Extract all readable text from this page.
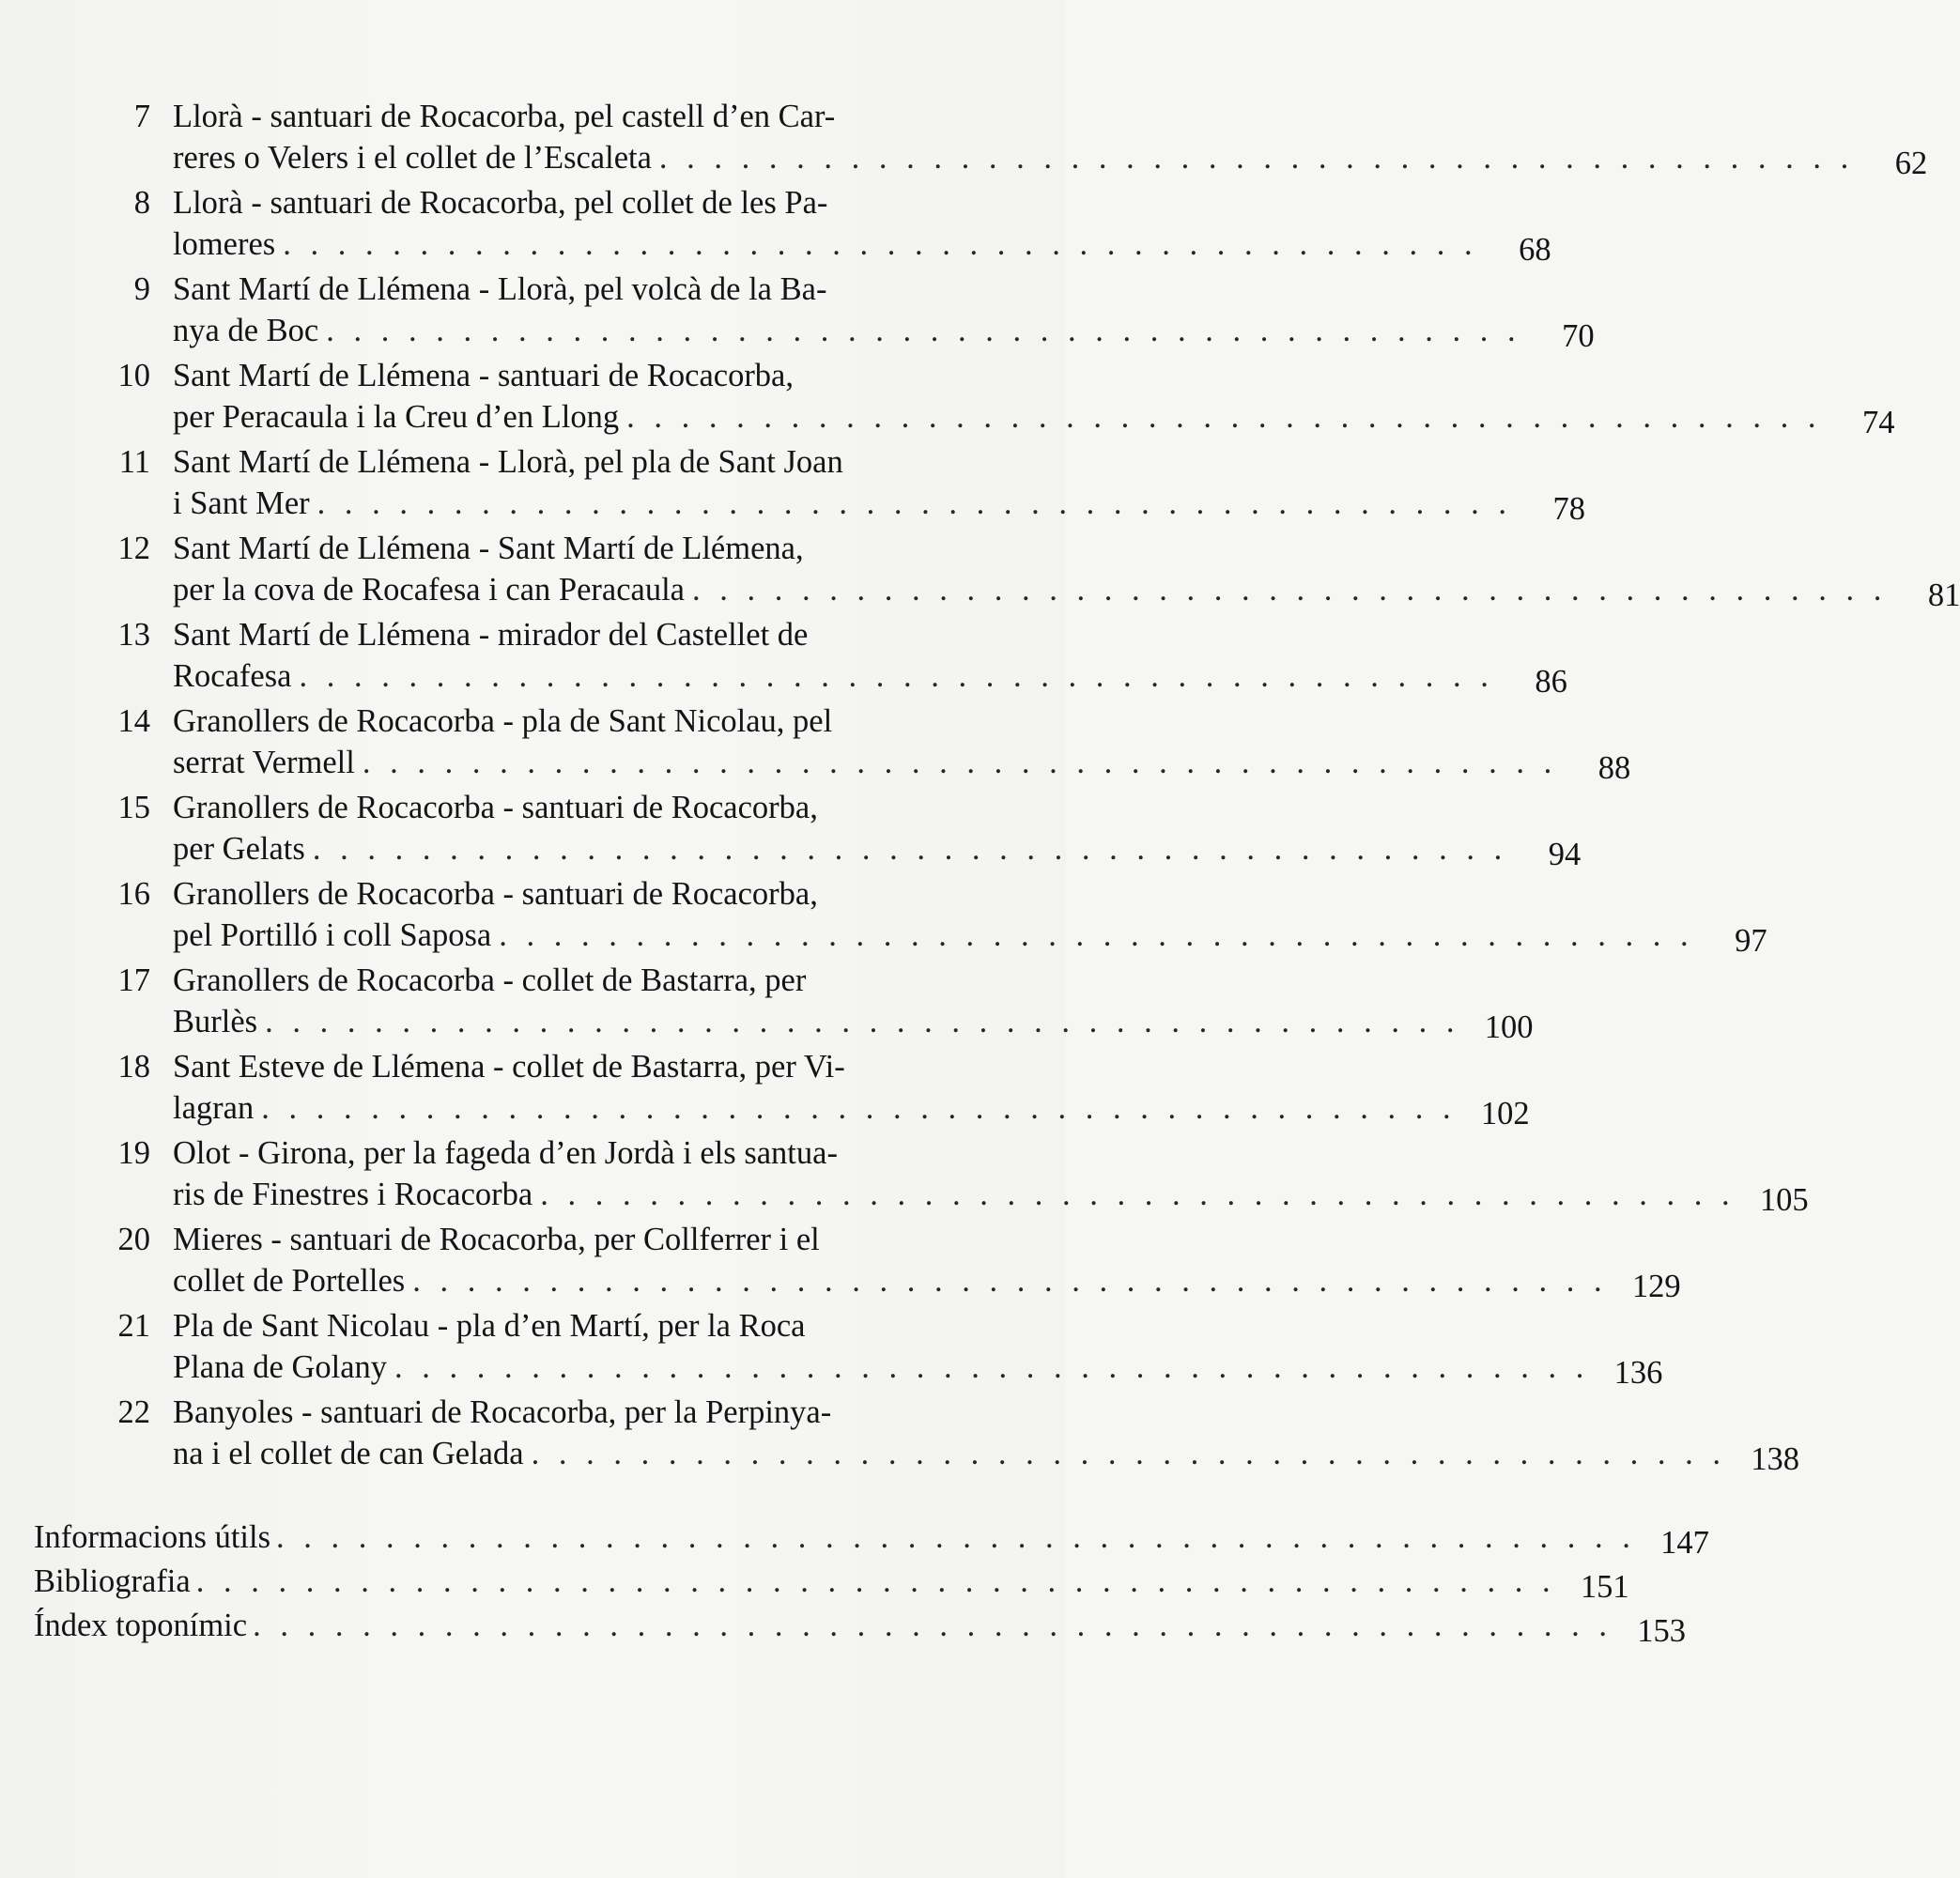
7 Llorà - santuari de Rocacorba, pel castell d’en Car-
reres o Velers i el collet de l’Escaleta . . . . . . . . . . . . . . . . . . . . . . . . . . . . . . . . . . . . . . . . . . . .	62
8 Llorà - santuari de Rocacorba, pel collet de les Pa-
lomeres . . . . . . . . . . . . . . . . . . . . . . . . . . . . . . . . . . . . . . . . . . . .	68
9 Sant Martí de Llémena - Llorà, pel volcà de la Ba-
nya de Boc . . . . . . . . . . . . . . . . . . . . . . . . . . . . . . . . . . . . . . . . . . . .	70
10 Sant Martí de Llémena - santuari de Rocacorba,
per Peracaula i la Creu d’en Llong . . . . . . . . . . . . . . . . . . . . . . . . . . . . . . . . . . . . . . . . . . . .	74
11 Sant Martí de Llémena - Llorà, pel pla de Sant Joan
i Sant Mer . . . . . . . . . . . . . . . . . . . . . . . . . . . . . . . . . . . . . . . . . . . .	78
12 Sant Martí de Llémena - Sant Martí de Llémena,
per la cova de Rocafesa i can Peracaula . . . . . . . . . . . . . . . . . . . . . . . . . . . . . . . . . . . . . . . . . . . .	81
13 Sant Martí de Llémena - mirador del Castellet de
Rocafesa . . . . . . . . . . . . . . . . . . . . . . . . . . . . . . . . . . . . . . . . . . . .	86
14 Granollers de Rocacorba - pla de Sant Nicolau, pel
serrat Vermell . . . . . . . . . . . . . . . . . . . . . . . . . . . . . . . . . . . . . . . . . . . .	88
15 Granollers de Rocacorba - santuari de Rocacorba,
per Gelats . . . . . . . . . . . . . . . . . . . . . . . . . . . . . . . . . . . . . . . . . . . .	94
16 Granollers de Rocacorba - santuari de Rocacorba,
pel Portilló i coll Saposa . . . . . . . . . . . . . . . . . . . . . . . . . . . . . . . . . . . . . . . . . . . .	97
17 Granollers de Rocacorba - collet de Bastarra, per
Burlès . . . . . . . . . . . . . . . . . . . . . . . . . . . . . . . . . . . . . . . . . . . . 100
18 Sant Esteve de Llémena - collet de Bastarra, per Vi-
lagran . . . . . . . . . . . . . . . . . . . . . . . . . . . . . . . . . . . . . . . . . . . . 102
19 Olot - Girona, per la fageda d’en Jordà i els santua-
ris de Finestres i Rocacorba . . . . . . . . . . . . . . . . . . . . . . . . . . . . . . . . . . . . . . . . . . . . 105
20 Mieres - santuari de Rocacorba, per Collferrer i el
collet de Portelles . . . . . . . . . . . . . . . . . . . . . . . . . . . . . . . . . . . . . . . . . . . . 129
21 Pla de Sant Nicolau - pla d’en Martí, per la Roca
Plana de Golany . . . . . . . . . . . . . . . . . . . . . . . . . . . . . . . . . . . . . . . . . . . . 136
22 Banyoles - santuari de Rocacorba, per la Perpinya-
na i el collet de can Gelada . . . . . . . . . . . . . . . . . . . . . . . . . . . . . . . . . . . . . . . . . . . . 138
Informacions útils . . . . . . . . . . . . . . . . . . . . . . . . . . . . . . . . . . . . . . . . . . . . . . . . . . 147
Bibliografia . . . . . . . . . . . . . . . . . . . . . . . . . . . . . . . . . . . . . . . . . . . . . . . . . . 151
Índex toponímic . . . . . . . . . . . . . . . . . . . . . . . . . . . . . . . . . . . . . . . . . . . . . . . . . . 153
